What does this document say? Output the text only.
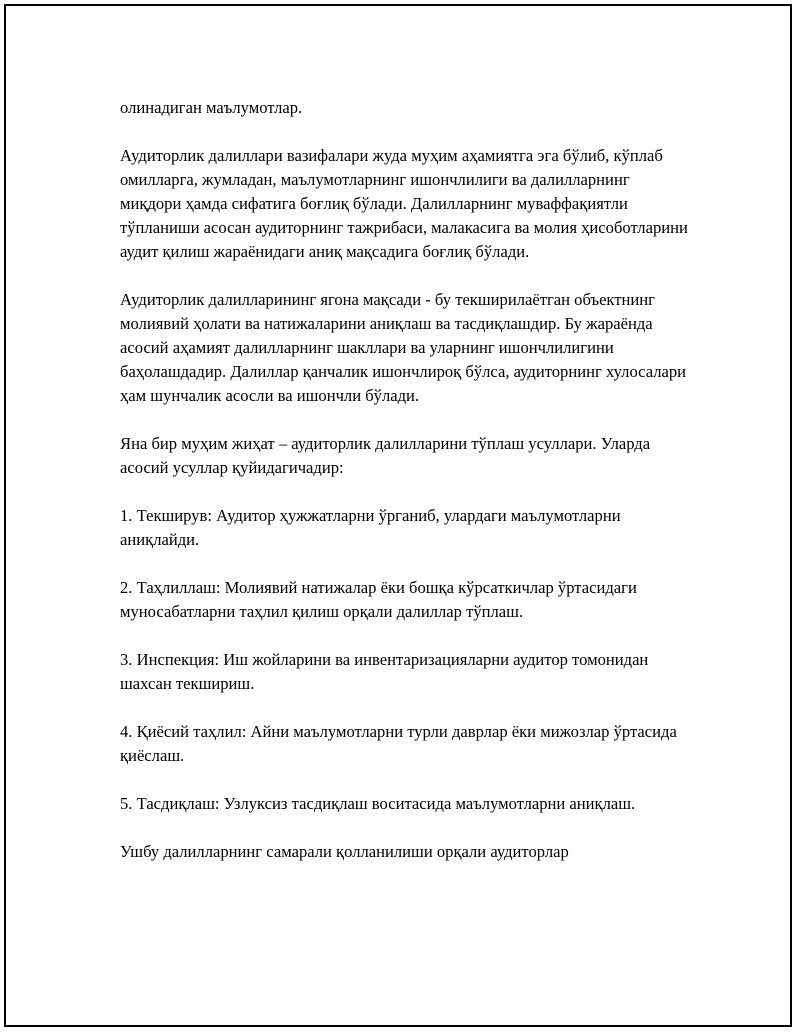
олинадиган маълумотлар.

Аудиторлик далиллари вазифалари жуда муҳим аҳамиятга эга бўлиб, кўплаб омилларга, жумладан, маълумотларнинг ишончлилиги ва далилларнинг миқдори ҳамда сифатига боғлиқ бўлади. Далилларнинг муваффақиятли тўпланиши асосан аудиторнинг тажрибаси, малакасига ва молия ҳисоботларини аудит қилиш жараёнидаги аниқ мақсадига боғлиқ бўлади.

Аудиторлик далилларининг ягона мақсади - бу текширилаётган объектнинг молиявий ҳолати ва натижаларини аниқлаш ва тасдиқлашдир. Бу жараёнда асосий аҳамият далилларнинг шакллари ва уларнинг ишончлилигини баҳолашдадир. Далиллар қанчалик ишончлироқ бўлса, аудиторнинг хулосалари ҳам шунчалик асосли ва ишончли бўлади.

Яна бир муҳим жиҳат – аудиторлик далилларини тўплаш усуллари. Уларда асосий усуллар қуйидагичадир:

1. Текширув: Аудитор ҳужжатларни ўрганиб, улардаги маълумотларни аниқлайди.

2. Таҳлиллаш: Молиявий натижалар ёки бошқа кўрсаткичлар ўртасидаги муносабатларни таҳлил қилиш орқали далиллар тўплаш.

3. Инспекция: Иш жойларини ва инвентаризацияларни аудитор томонидан шахсан текшириш.

4. Қиёсий таҳлил: Айни маълумотларни турли даврлар ёки мижозлар ўртасида қиёслаш.

5. Тасдиқлаш: Узлуксиз тасдиқлаш воситасида маълумотларни аниқлаш.

Ушбу далилларнинг самарали қолланилиши орқали аудиторлар
